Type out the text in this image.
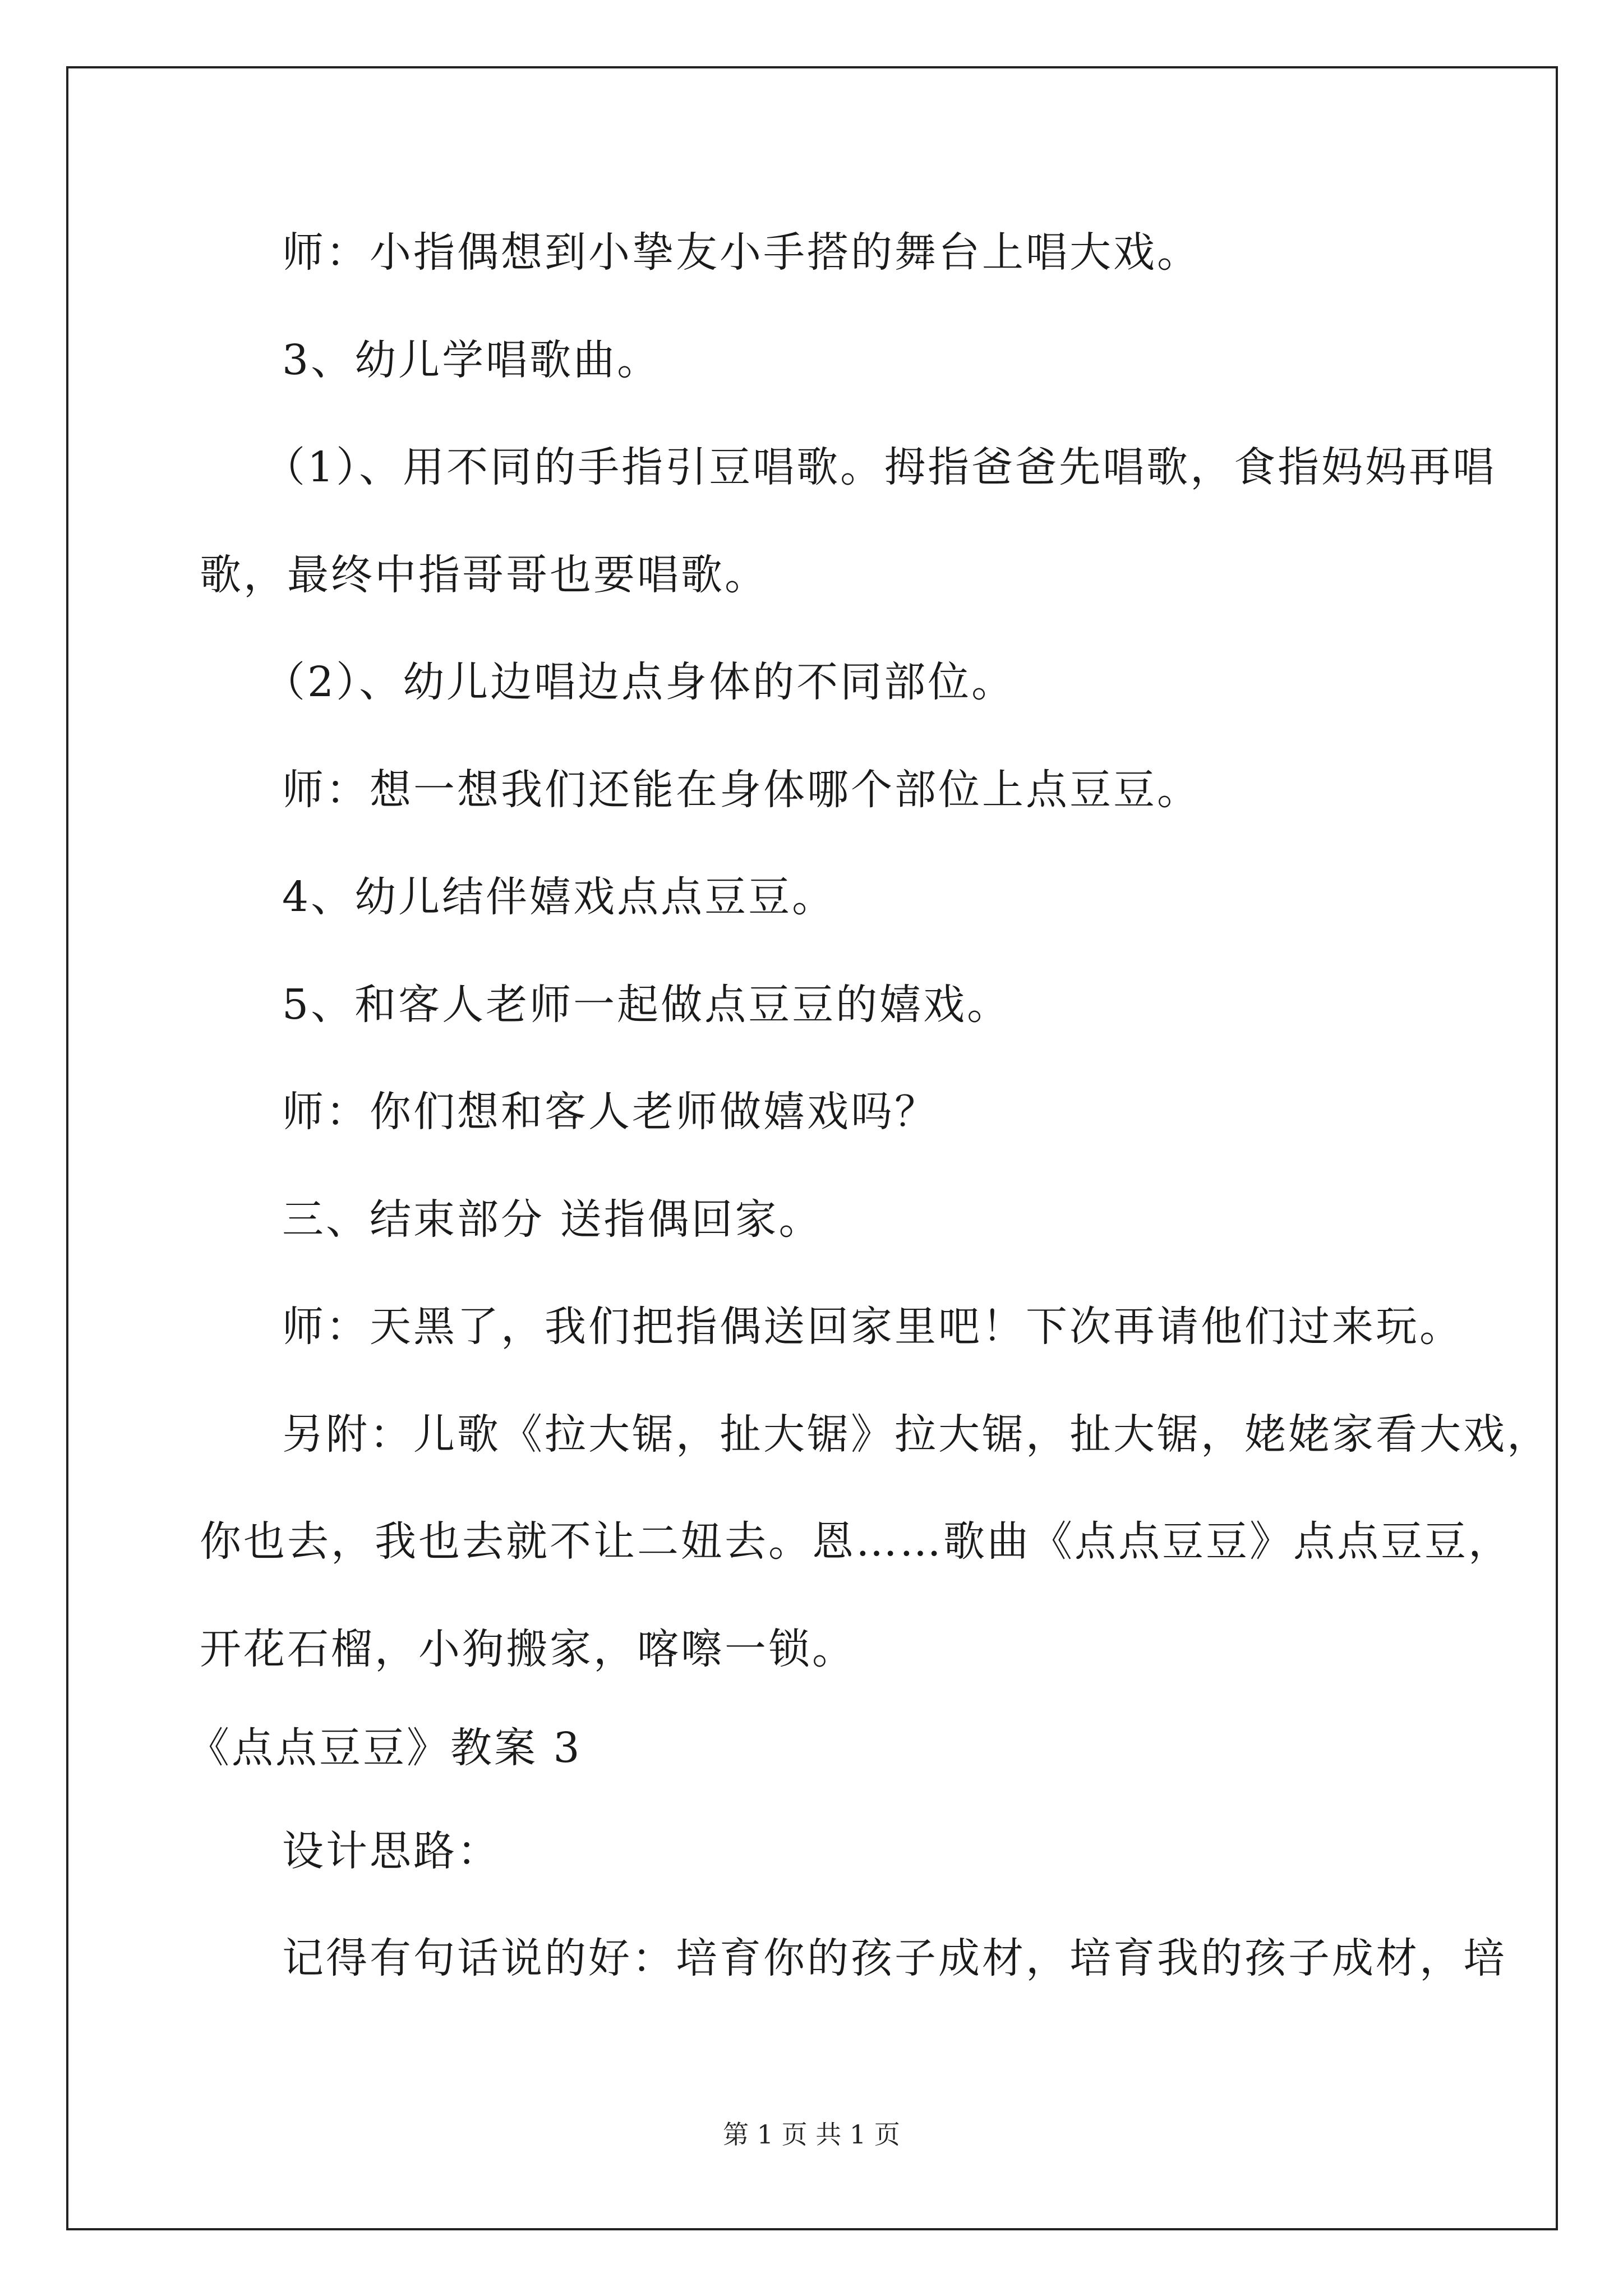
师：小指偶想到小挚友小手搭的舞台上唱大戏。
3、幼儿学唱歌曲。
（1）、用不同的手指引豆唱歌。拇指爸爸先唱歌，食指妈妈再唱
歌，最终中指哥哥也要唱歌。
（2）、幼儿边唱边点身体的不同部位。
师：想一想我们还能在身体哪个部位上点豆豆。
4、幼儿结伴嬉戏点点豆豆。
5、和客人老师一起做点豆豆的嬉戏。
师：你们想和客人老师做嬉戏吗？
三、结束部分 送指偶回家。
师：天黑了，我们把指偶送回家里吧！下次再请他们过来玩。
另附：儿歌《拉大锯，扯大锯》拉大锯，扯大锯，姥姥家看大戏，
你也去，我也去就不让二妞去。恩……歌曲《点点豆豆》点点豆豆，
开花石榴，小狗搬家，喀嚓一锁。
《点点豆豆》教案 3
设计思路：
记得有句话说的好：培育你的孩子成材，培育我的孩子成材，培
第 1 页 共 1 页
